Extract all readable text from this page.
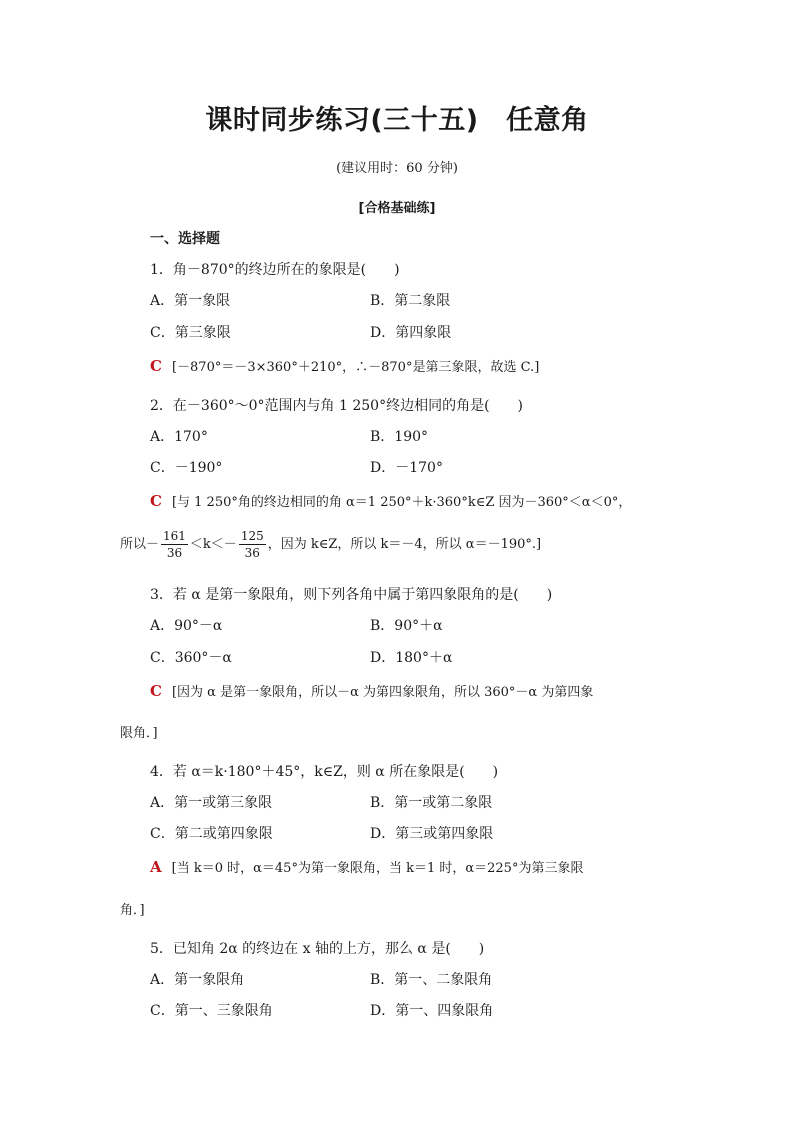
课时同步练习(三十五)　任意角
(建议用时：60 分钟)
[合格基础练]
一、选择题
1．角－870°的终边所在的象限是(　　)
A．第一象限	B．第二象限
C．第三象限	D．第四象限
C [－870°＝－3×360°＋210°，∴－870°是第三象限，故选 C.]
2．在－360°～0°范围内与角 1 250°终边相同的角是(　　)
A．170°	B．190°
C．－190°	D．－170°
C [与 1 250°角的终边相同的角 α＝1 250°＋k·360°k∈Z 因为－360°＜α＜0°，
所以－ $\frac{161}{36} <k<- \frac{125}{36}$ ，因为 k∈Z，所以 k＝－4，所以 α＝－190°.]
3．若 α 是第一象限角，则下列各角中属于第四象限角的是(　　)
A．90°－α	B．90°＋α
C．360°－α	D．180°＋α
C [因为 α 是第一象限角，所以－α 为第四象限角，所以 360°－α 为第四象
限角．]
4．若 α＝k·180°＋45°，k∈Z，则 α 所在象限是(　　)
A．第一或第三象限	B．第一或第二象限
C．第二或第四象限	D．第三或第四象限
A [当 k＝0 时，α＝45°为第一象限角，当 k＝1 时，α＝225°为第三象限
角．]
5．已知角 2α 的终边在 x 轴的上方，那么 α 是(　　)
A．第一象限角	B．第一、二象限角
C．第一、三象限角	D．第一、四象限角
